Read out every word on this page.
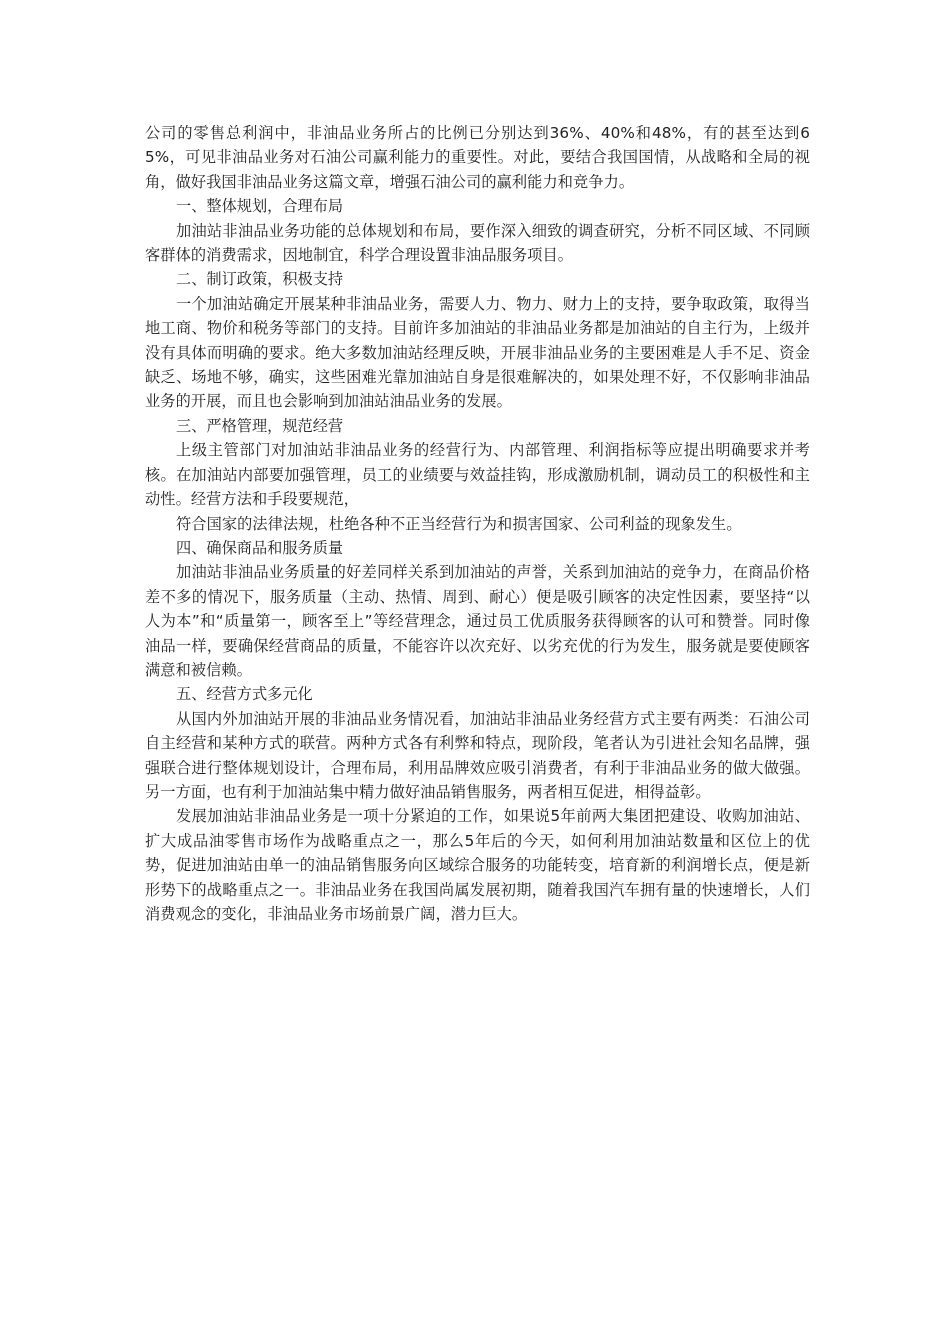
公司的零售总利润中，非油品业务所占的比例已分别达到36%、40%和48%，有的甚至达到65%，可见非油品业务对石油公司赢利能力的重要性。对此，要结合我国国情，从战略和全局的视角，做好我国非油品业务这篇文章，增强石油公司的赢利能力和竞争力。

一、整体规划，合理布局

加油站非油品业务功能的总体规划和布局，要作深入细致的调查研究，分析不同区域、不同顾客群体的消费需求，因地制宜，科学合理设置非油品服务项目。

二、制订政策，积极支持

一个加油站确定开展某种非油品业务，需要人力、物力、财力上的支持，要争取政策，取得当地工商、物价和税务等部门的支持。目前许多加油站的非油品业务都是加油站的自主行为，上级并没有具体而明确的要求。绝大多数加油站经理反映，开展非油品业务的主要困难是人手不足、资金缺乏、场地不够，确实，这些困难光靠加油站自身是很难解决的，如果处理不好，不仅影响非油品业务的开展，而且也会影响到加油站油品业务的发展。

三、严格管理，规范经营

上级主管部门对加油站非油品业务的经营行为、内部管理、利润指标等应提出明确要求并考核。在加油站内部要加强管理，员工的业绩要与效益挂钩，形成激励机制，调动员工的积极性和主动性。经营方法和手段要规范，

符合国家的法律法规，杜绝各种不正当经营行为和损害国家、公司利益的现象发生。

四、确保商品和服务质量

加油站非油品业务质量的好差同样关系到加油站的声誉，关系到加油站的竞争力，在商品价格差不多的情况下，服务质量（主动、热情、周到、耐心）便是吸引顾客的决定性因素，要坚持“以人为本”和“质量第一，顾客至上”等经营理念，通过员工优质服务获得顾客的认可和赞誉。同时像油品一样，要确保经营商品的质量，不能容许以次充好、以劣充优的行为发生，服务就是要使顾客满意和被信赖。

五、经营方式多元化

从国内外加油站开展的非油品业务情况看，加油站非油品业务经营方式主要有两类：石油公司自主经营和某种方式的联营。两种方式各有利弊和特点，现阶段，笔者认为引进社会知名品牌，强强联合进行整体规划设计，合理布局，利用品牌效应吸引消费者，有利于非油品业务的做大做强。另一方面，也有利于加油站集中精力做好油品销售服务，两者相互促进，相得益彰。

发展加油站非油品业务是一项十分紧迫的工作，如果说5年前两大集团把建设、收购加油站、扩大成品油零售市场作为战略重点之一，那么5年后的今天，如何利用加油站数量和区位上的优势，促进加油站由单一的油品销售服务向区域综合服务的功能转变，培育新的利润增长点，便是新形势下的战略重点之一。非油品业务在我国尚属发展初期，随着我国汽车拥有量的快速增长，人们消费观念的变化，非油品业务市场前景广阔，潜力巨大。
